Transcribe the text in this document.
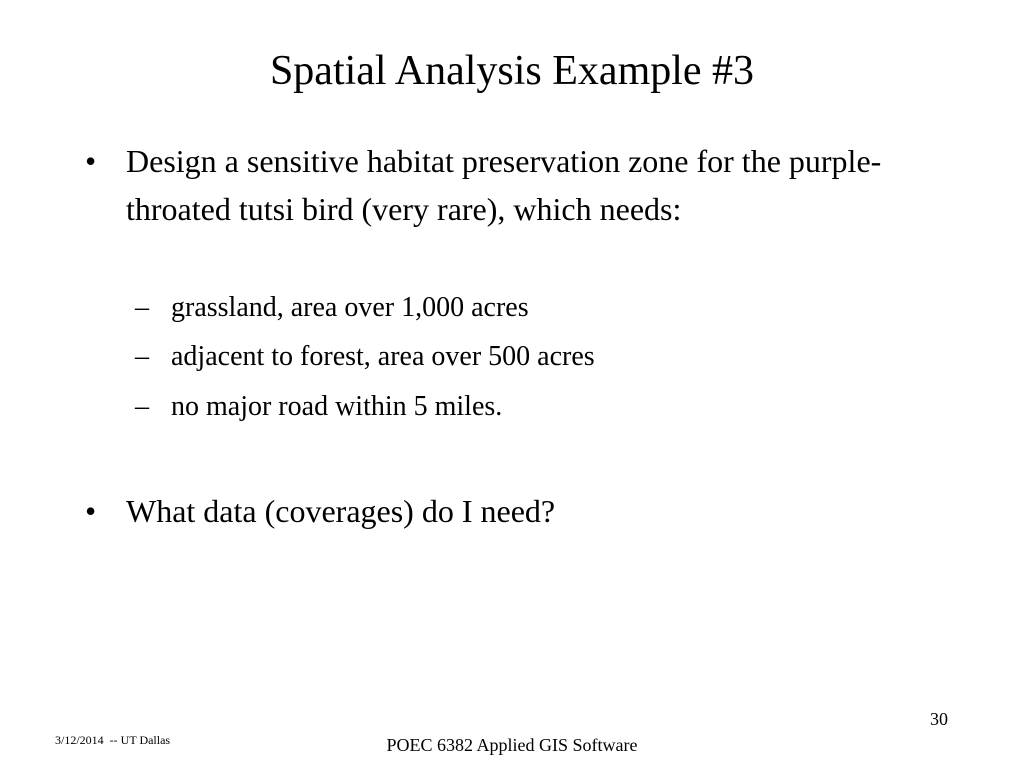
Spatial Analysis Example #3
• Design a sensitive habitat preservation zone for the purple-throated tutsi bird (very rare), which needs:
– grassland, area over 1,000 acres
– adjacent to forest, area over 500 acres
– no major road within 5 miles.
• What data (coverages) do I need?
30
3/12/2014  -- UT Dallas	POEC 6382 Applied GIS Software
